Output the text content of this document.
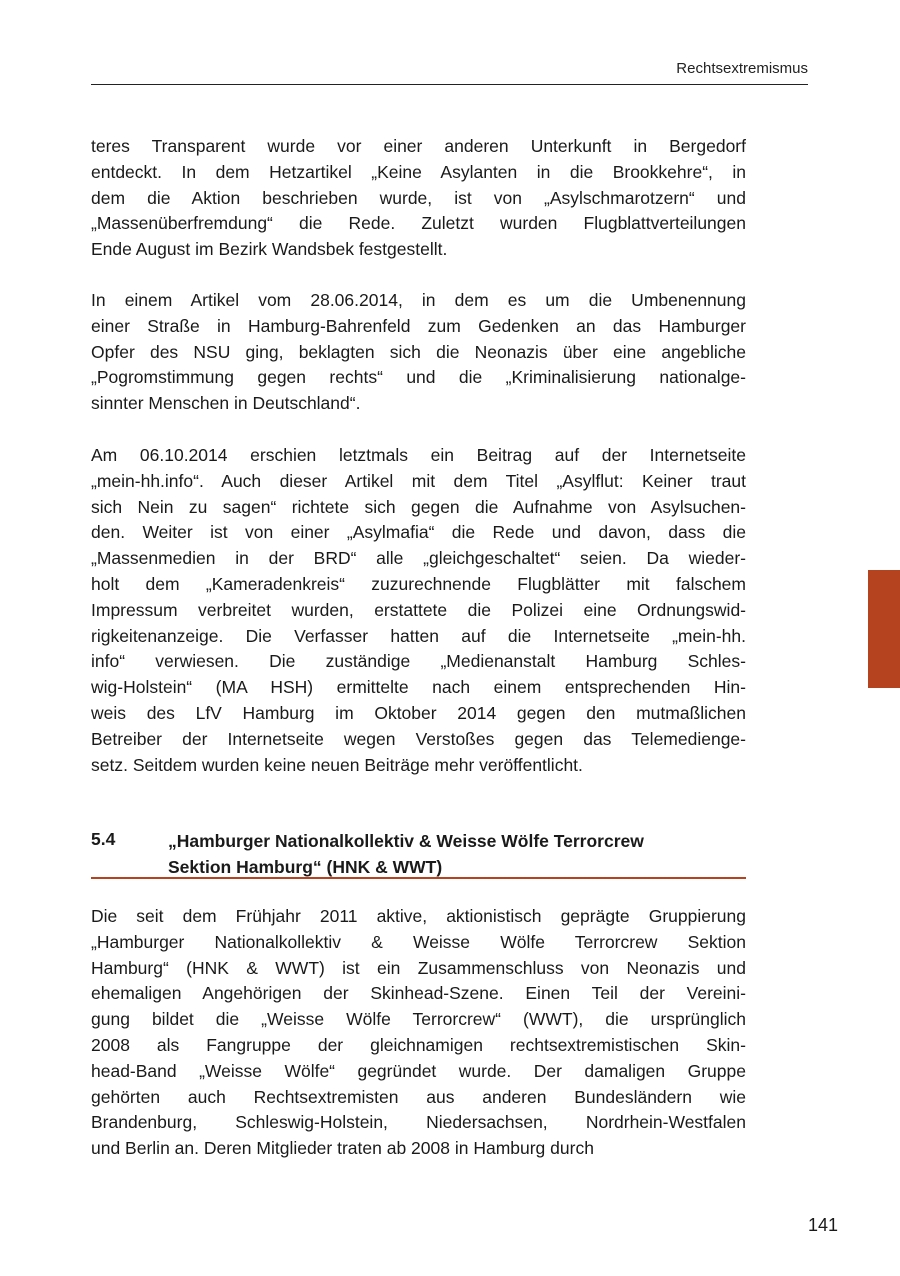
Rechtsextremismus
teres Transparent wurde vor einer anderen Unterkunft in Bergedorf
entdeckt. In dem Hetzartikel „Keine Asylanten in die Brookkehre“, in
dem die Aktion beschrieben wurde, ist von „Asylschmarotzern“ und
„Massenüberfremdung“ die Rede. Zuletzt wurden Flugblattverteilungen
Ende August im Bezirk Wandsbek festgestellt.
In einem Artikel vom 28.06.2014, in dem es um die Umbenennung
einer Straße in Hamburg-Bahrenfeld zum Gedenken an das Hamburger
Opfer des NSU ging, beklagten sich die Neonazis über eine angebliche
„Pogromstimmung gegen rechts“ und die „Kriminalisierung nationalge-
sinnter Menschen in Deutschland“.
Am 06.10.2014 erschien letztmals ein Beitrag auf der Internetseite
„mein-hh.info“. Auch dieser Artikel mit dem Titel „Asylflut: Keiner traut
sich Nein zu sagen“ richtete sich gegen die Aufnahme von Asylsuchen-
den. Weiter ist von einer „Asylmafia“ die Rede und davon, dass die
„Massenmedien in der BRD“ alle „gleichgeschaltet“ seien. Da wieder-
holt dem „Kameradenkreis“ zuzurechnende Flugblätter mit falschem
Impressum verbreitet wurden, erstattete die Polizei eine Ordnungswid-
rigkeitenanzeige. Die Verfasser hatten auf die Internetseite „mein-hh.
info“ verwiesen. Die zuständige „Medienanstalt Hamburg Schles-
wig-Holstein“ (MA HSH) ermittelte nach einem entsprechenden Hin-
weis des LfV Hamburg im Oktober 2014 gegen den mutmaßlichen
Betreiber der Internetseite wegen Verstoßes gegen das Telemedienge-
setz. Seitdem wurden keine neuen Beiträge mehr veröffentlicht.
5.4	„Hamburger Nationalkollektiv & Weisse Wölfe Terrorcrew
Sektion Hamburg“ (HNK & WWT)
Die seit dem Frühjahr 2011 aktive, aktionistisch geprägte Gruppierung
„Hamburger Nationalkollektiv & Weisse Wölfe Terrorcrew Sektion
Hamburg“ (HNK & WWT) ist ein Zusammenschluss von Neonazis und
ehemaligen Angehörigen der Skinhead-Szene. Einen Teil der Vereini-
gung bildet die „Weisse Wölfe Terrorcrew“ (WWT), die ursprünglich
2008 als Fangruppe der gleichnamigen rechtsextremistischen Skin-
head-Band „Weisse Wölfe“ gegründet wurde. Der damaligen Gruppe
gehörten auch Rechtsextremisten aus anderen Bundesländern wie
Brandenburg, Schleswig-Holstein, Niedersachsen, Nordrhein-Westfalen
und Berlin an. Deren Mitglieder traten ab 2008 in Hamburg durch
141
